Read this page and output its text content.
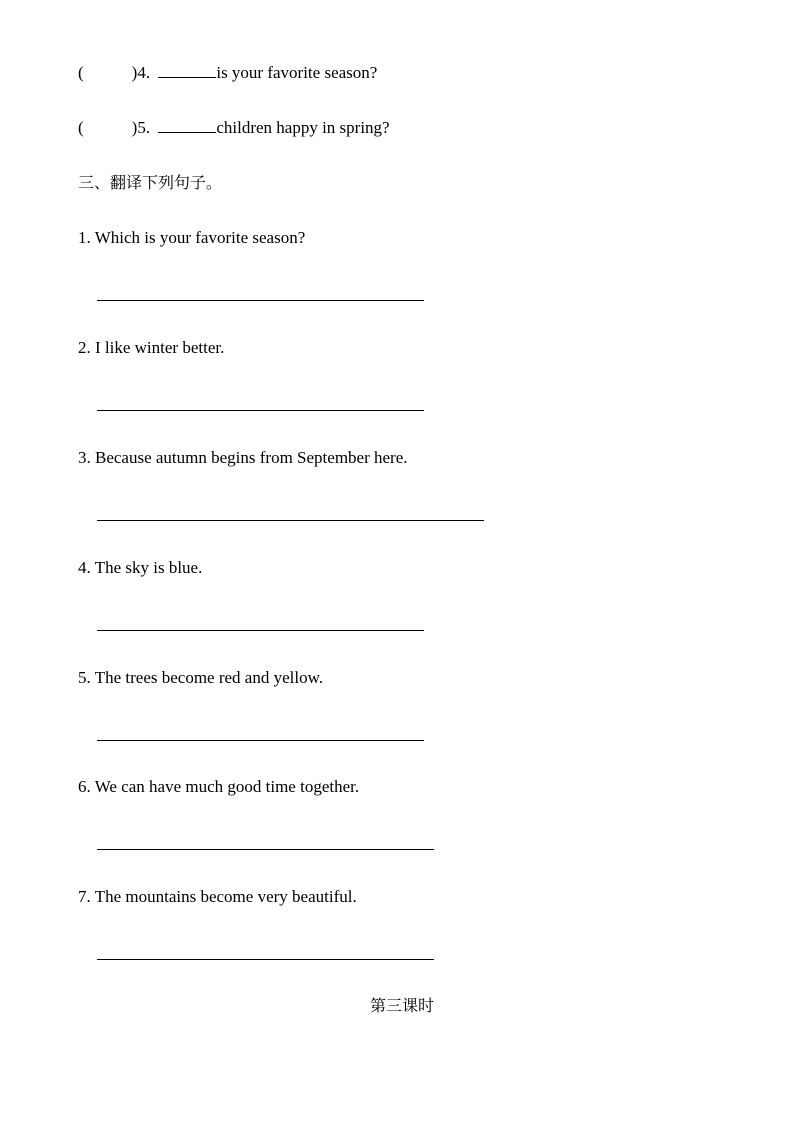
(	)4.	is your favorite season?
(	)5.	children happy in spring?
三、翻译下列句子。
1. Which is your favorite season?
2. I like winter better.
3. Because autumn begins from September here.
4. The sky is blue.
5. The trees become red and yellow.
6. We can have much good time together.
7. The mountains become very beautiful.
第三课时
